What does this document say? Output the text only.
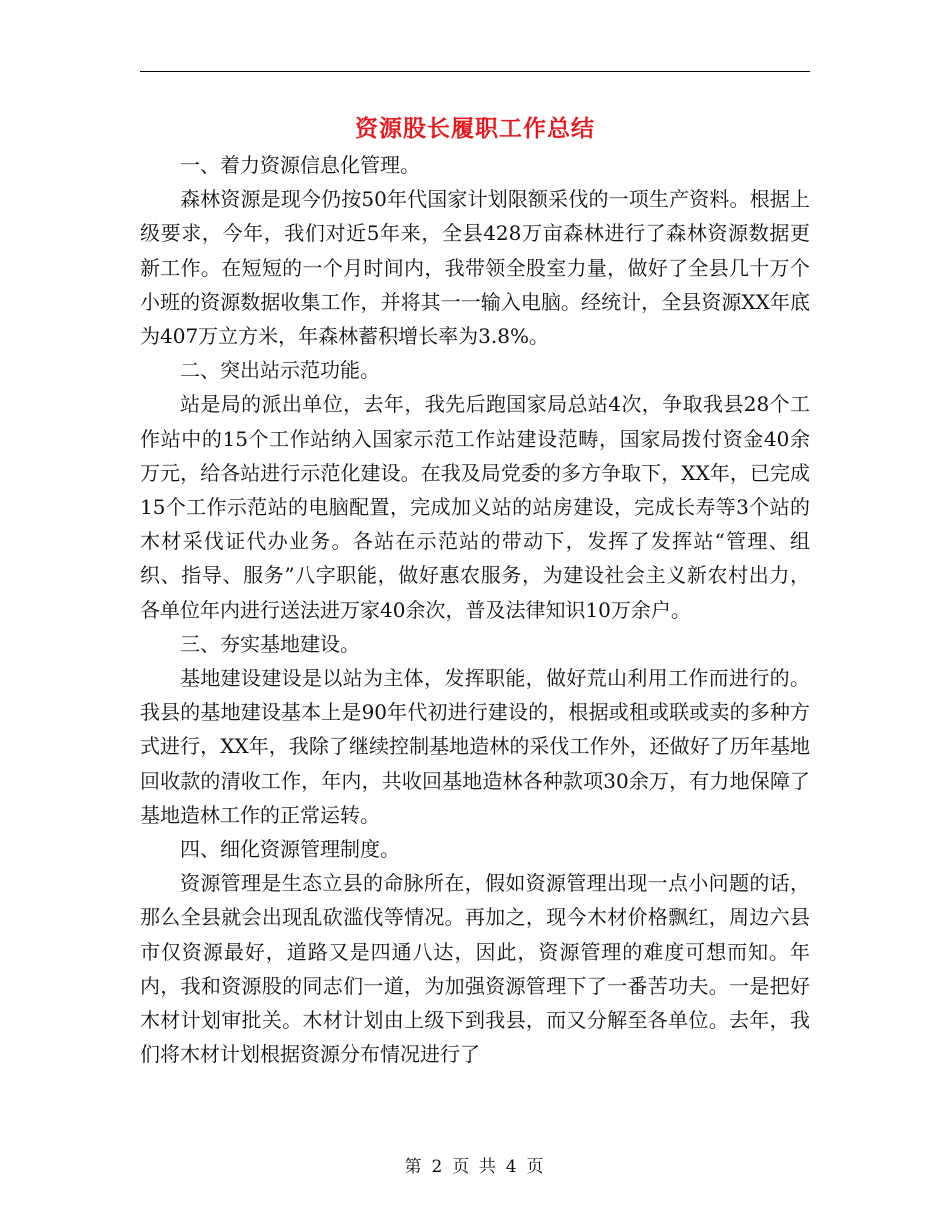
资源股长履职工作总结

一、着力资源信息化管理。

森林资源是现今仍按50年代国家计划限额采伐的一项生产资料。根据上级要求，今年，我们对近5年来，全县428万亩森林进行了森林资源数据更新工作。在短短的一个月时间内，我带领全股室力量，做好了全县几十万个小班的资源数据收集工作，并将其一一输入电脑。经统计，全县资源XX年底为407万立方米，年森林蓄积增长率为3.8%。

二、突出站示范功能。

站是局的派出单位，去年，我先后跑国家局总站4次，争取我县28个工作站中的15个工作站纳入国家示范工作站建设范畴，国家局拨付资金40余万元，给各站进行示范化建设。在我及局党委的多方争取下，XX年，已完成15个工作示范站的电脑配置，完成加义站的站房建设，完成长寿等3个站的木材采伐证代办业务。各站在示范站的带动下，发挥了发挥站“管理、组织、指导、服务”八字职能，做好惠农服务，为建设社会主义新农村出力，各单位年内进行送法进万家40余次，普及法律知识10万余户。

三、夯实基地建设。

基地建设建设是以站为主体，发挥职能，做好荒山利用工作而进行的。我县的基地建设基本上是90年代初进行建设的，根据或租或联或卖的多种方式进行，XX年，我除了继续控制基地造林的采伐工作外，还做好了历年基地回收款的清收工作，年内，共收回基地造林各种款项30余万，有力地保障了基地造林工作的正常运转。

四、细化资源管理制度。

资源管理是生态立县的命脉所在，假如资源管理出现一点小问题的话，那么全县就会出现乱砍滥伐等情况。再加之，现今木材价格飘红，周边六县市仅资源最好，道路又是四通八达，因此，资源管理的难度可想而知。年内，我和资源股的同志们一道，为加强资源管理下了一番苦功夫。一是把好木材计划审批关。木材计划由上级下到我县，而又分解至各单位。去年，我们将木材计划根据资源分布情况进行了

第 2 页 共 4 页
